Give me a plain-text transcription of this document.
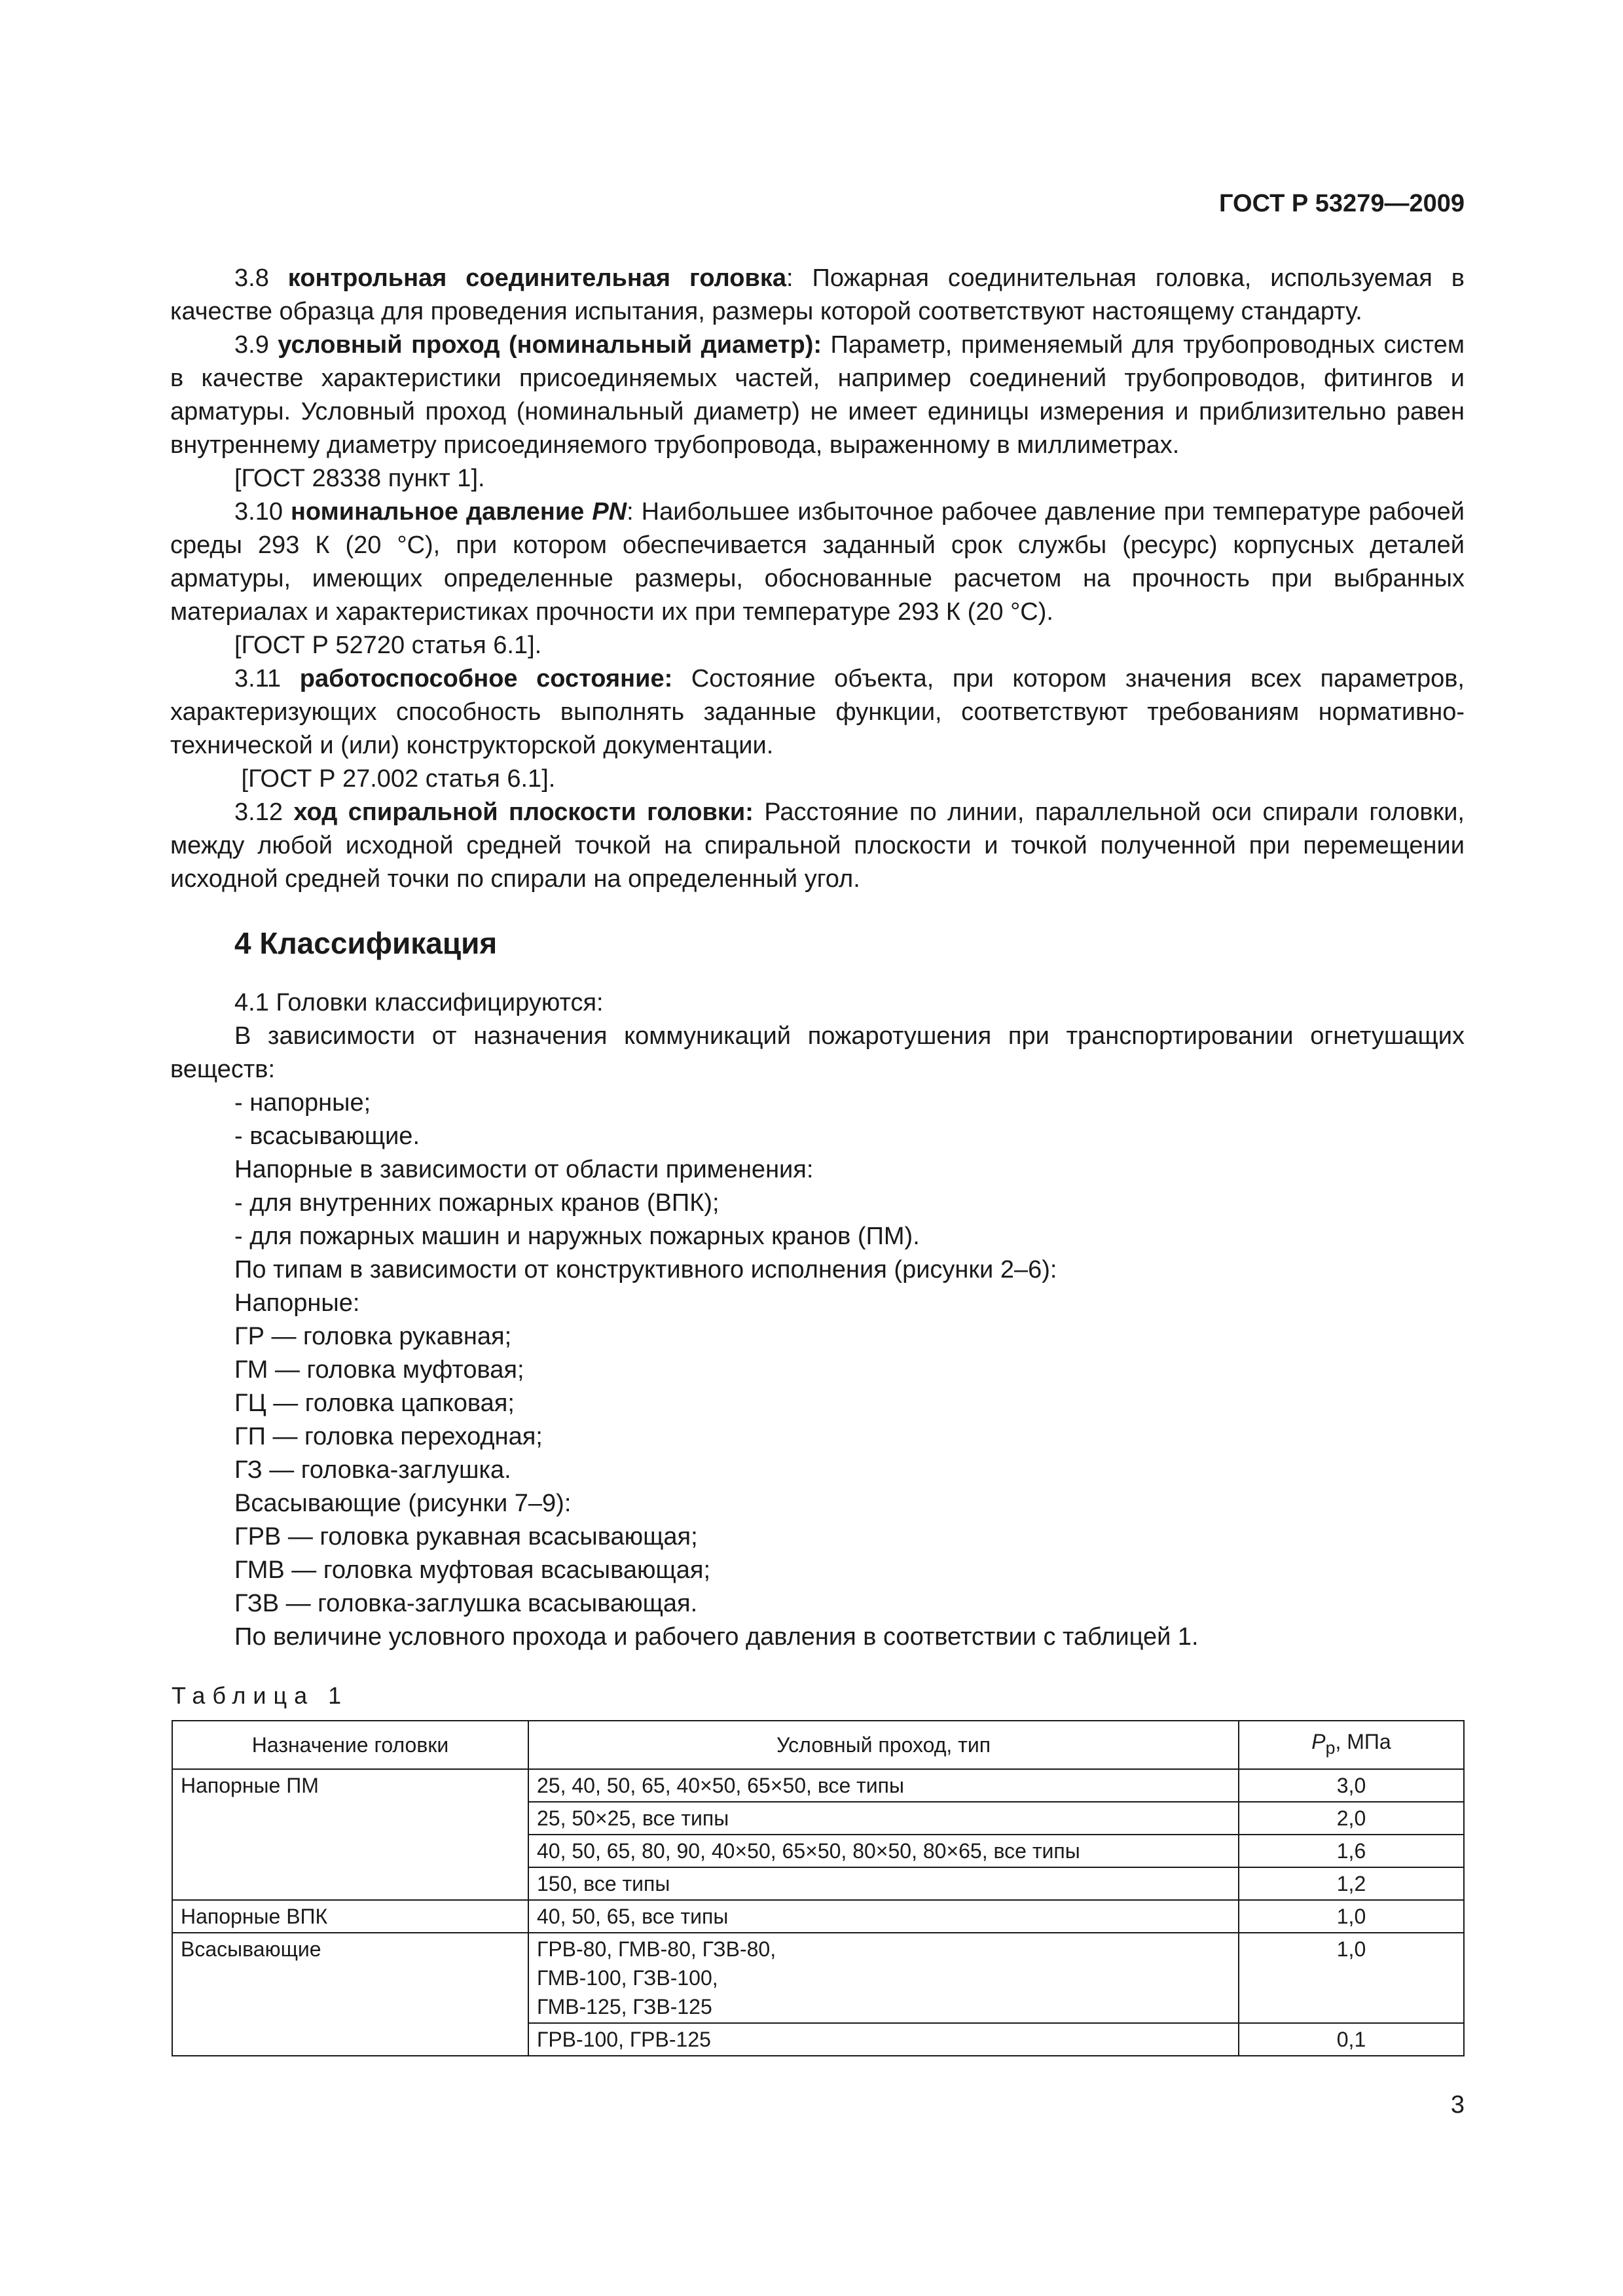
ГОСТ Р 53279—2009

3.8 контрольная соединительная головка: Пожарная соединительная головка, используемая в качестве образца для проведения испытания, размеры которой соответствуют настоящему стандарту.

3.9 условный проход (номинальный диаметр): Параметр, применяемый для трубопроводных систем в качестве характеристики присоединяемых частей, например соединений трубопроводов, фитингов и арматуры. Условный проход (номинальный диаметр) не имеет единицы измерения и приблизительно равен внутреннему диаметру присоединяемого трубопровода, выраженному в миллиметрах.

[ГОСТ 28338 пункт 1].

3.10 номинальное давление PN: Наибольшее избыточное рабочее давление при температуре рабочей среды 293 К (20 °С), при котором обеспечивается заданный срок службы (ресурс) корпусных деталей арматуры, имеющих определенные размеры, обоснованные расчетом на прочность при выбранных материалах и характеристиках прочности их при температуре 293 К (20 °С).

[ГОСТ Р 52720 статья 6.1].

3.11 работоспособное состояние: Состояние объекта, при котором значения всех параметров, характеризующих способность выполнять заданные функции, соответствуют требованиям нормативно-технической и (или) конструкторской документации.

[ГОСТ Р 27.002 статья 6.1].

3.12 ход спиральной плоскости головки: Расстояние по линии, параллельной оси спирали головки, между любой исходной средней точкой на спиральной плоскости и точкой полученной при перемещении исходной средней точки по спирали на определенный угол.

4 Классификация

4.1 Головки классифицируются:

В зависимости от назначения коммуникаций пожаротушения при транспортировании огнетушащих веществ:

- напорные;

- всасывающие.

Напорные в зависимости от области применения:

- для внутренних пожарных кранов (ВПК);

- для пожарных машин и наружных пожарных кранов (ПМ).

По типам в зависимости от конструктивного исполнения (рисунки 2–6):

Напорные:

ГР — головка рукавная;

ГМ — головка муфтовая;

ГЦ — головка цапковая;

ГП — головка переходная;

ГЗ — головка-заглушка.

Всасывающие (рисунки 7–9):

ГРВ — головка рукавная всасывающая;

ГМВ — головка муфтовая всасывающая;

ГЗВ — головка-заглушка всасывающая.

По величине условного прохода и рабочего давления в соответствии с таблицей 1.

Таблица 1
Назначение головки	Условный проход, тип	$P_р$, МПа
Напорные ПМ	25, 40, 50, 65, 40×50, 65×50, все типы	3,0
	25, 50×25, все типы	2,0
	40, 50, 65, 80, 90, 40×50, 65×50, 80×50, 80×65, все типы	1,6
	150, все типы	1,2
Напорные ВПК	40, 50, 65, все типы	1,0
Всасывающие	ГРВ-80, ГМВ-80, ГЗВ-80,
ГМВ-100, ГЗВ-100,
ГМВ-125, ГЗВ-125	1,0
	ГРВ-100, ГРВ-125	0,1
3
